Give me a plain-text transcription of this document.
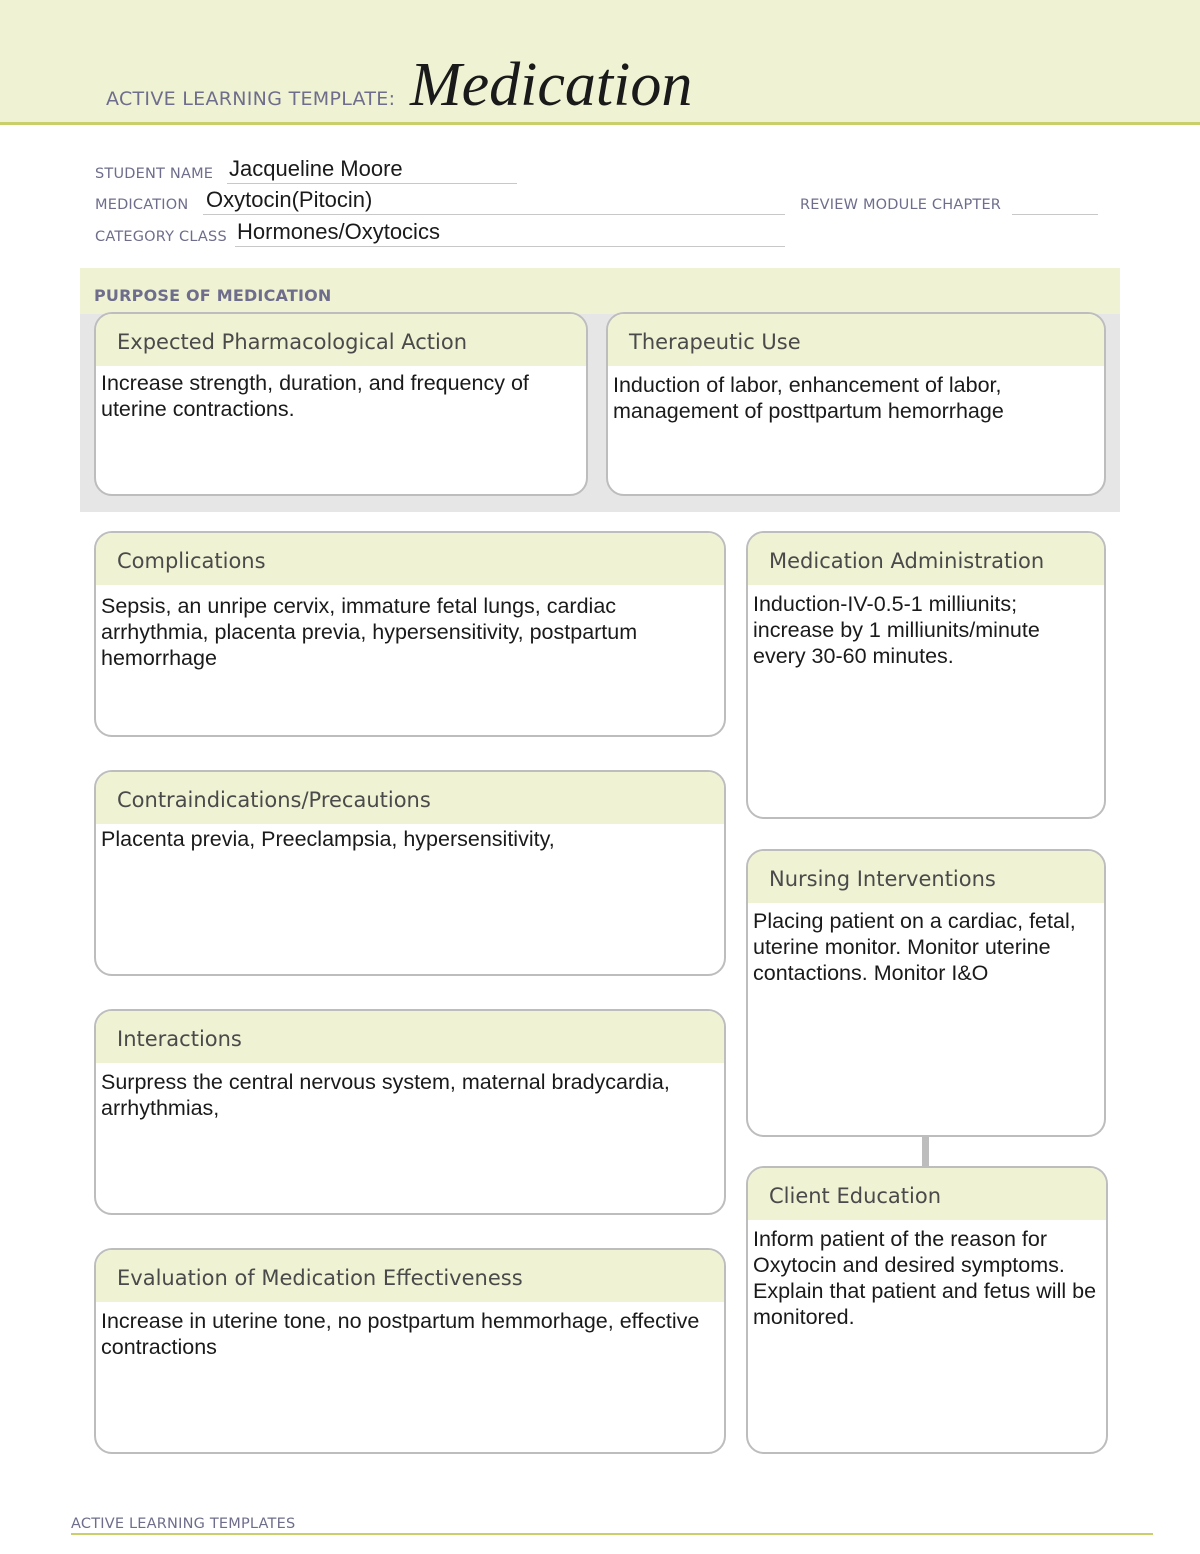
ACTIVE LEARNING TEMPLATE: Medication
STUDENT NAME Jacqueline Moore
MEDICATION Oxytocin(Pitocin)	REVIEW MODULE CHAPTER
CATEGORY CLASS Hormones/Oxytocics
PURPOSE OF MEDICATION
Expected Pharmacological Action
Increase strength, duration, and frequency of uterine contractions.
Therapeutic Use
Induction of labor, enhancement of labor, management of posttpartum hemorrhage
Complications
Sepsis, an unripe cervix, immature fetal lungs, cardiac arrhythmia, placenta previa, hypersensitivity, postpartum hemorrhage
Contraindications/Precautions
Placenta previa, Preeclampsia, hypersensitivity,
Interactions
Surpress the central nervous system, maternal bradycardia, arrhythmias,
Evaluation of Medication Effectiveness
Increase in uterine tone, no postpartum hemmorhage, effective contractions
Medication Administration
Induction-IV-0.5-1 milliunits; increase by 1 milliunits/minute every 30-60 minutes.
Nursing Interventions
Placing patient on a cardiac, fetal, uterine monitor. Monitor uterine contactions. Monitor I&O
Client Education
Inform patient of the reason for Oxytocin and desired symptoms. Explain that patient and fetus will be monitored.
ACTIVE LEARNING TEMPLATES
